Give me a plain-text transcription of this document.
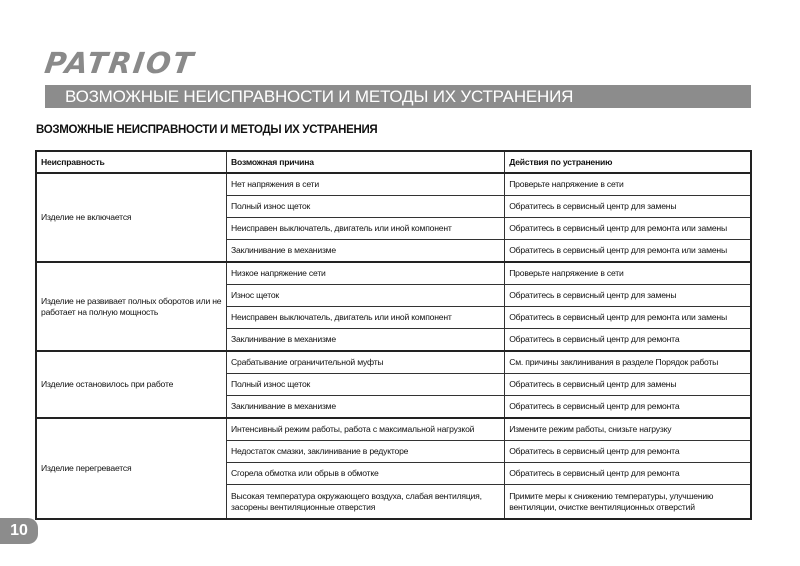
PATRIOT
ВОЗМОЖНЫЕ НЕИСПРАВНОСТИ И МЕТОДЫ ИХ УСТРАНЕНИЯ
ВОЗМОЖНЫЕ НЕИСПРАВНОСТИ И МЕТОДЫ ИХ УСТРАНЕНИЯ
Неисправность	Возможная причина	Действия по устранению
Изделие не включается	Нет напряжения в сети	Проверьте напряжение в сети
	Полный износ щеток	Обратитесь в сервисный центр для замены
	Неисправен выключатель, двигатель или иной компонент	Обратитесь в сервисный центр для ремонта или замены
	Заклинивание в механизме	Обратитесь в сервисный центр для ремонта или замены
Изделие не развивает полных оборотов или не работает на полную мощность	Низкое напряжение сети	Проверьте напряжение в сети
	Износ щеток	Обратитесь в сервисный центр для замены
	Неисправен выключатель, двигатель или иной компонент	Обратитесь в сервисный центр для ремонта или замены
	Заклинивание в механизме	Обратитесь в сервисный центр для ремонта
Изделие остановилось при работе	Срабатывание ограничительной муфты	См. причины заклинивания в разделе Порядок работы
	Полный износ щеток	Обратитесь в сервисный центр для замены
	Заклинивание в механизме	Обратитесь в сервисный центр для ремонта
Изделие перегревается	Интенсивный режим работы, работа с максимальной нагрузкой	Измените режим работы, снизьте нагрузку
	Недостаток смазки, заклинивание в редукторе	Обратитесь в сервисный центр для ремонта
	Сгорела обмотка или обрыв в обмотке	Обратитесь в сервисный центр для ремонта
	Высокая температура окружающего воздуха, слабая вентиляция, засорены вентиляционные отверстия	Примите меры к снижению температуры, улучшению вентиляции, очистке вентиляционных отверстий
10
